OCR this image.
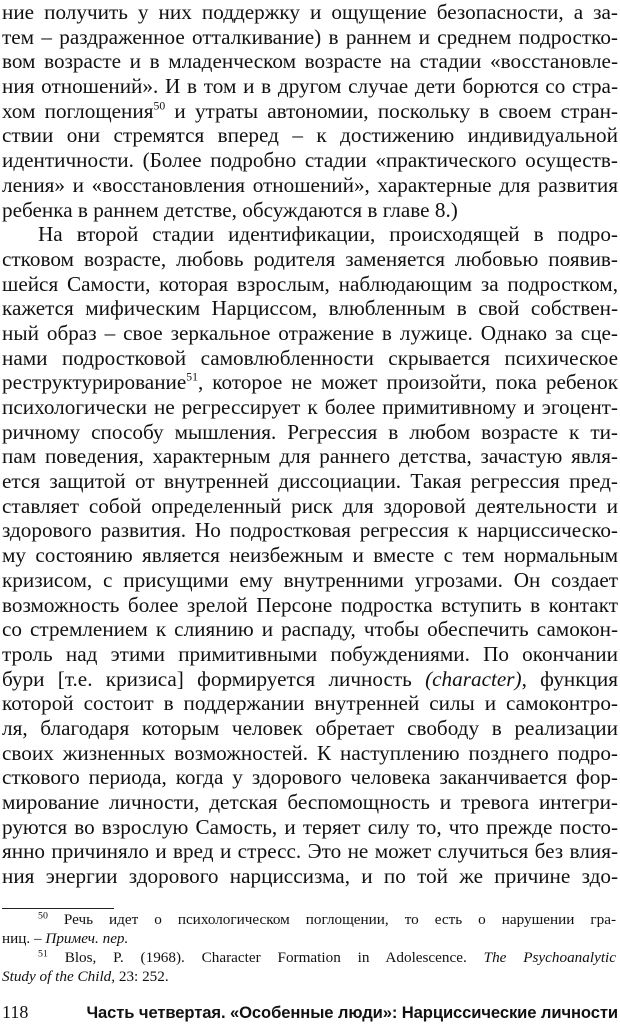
ние получить у них поддержку и ощущение безопасности, а за-
тем – раздраженное отталкивание) в раннем и среднем подростко-
вом возрасте и в младенческом возрасте на стадии «восстановле-
ния отношений». И в том и в другом случае дети борются со стра-
хом поглощения$^{50}$ и утраты автономии, поскольку в своем стран-
ствии они стремятся вперед – к достижению индивидуальной
идентичности. (Более подробно стадии «практического осуществ-
ления» и «восстановления отношений», характерные для развития
ребенка в раннем детстве, обсуждаются в главе 8.)
На второй стадии идентификации, происходящей в подро-
стковом возрасте, любовь родителя заменяется любовью появив-
шейся Самости, которая взрослым, наблюдающим за подростком,
кажется мифическим Нарциссом, влюбленным в свой собствен-
ный образ – свое зеркальное отражение в лужице. Однако за сце-
нами подростковой самовлюбленности скрывается психическое
реструктурирование$^{51}$, которое не может произойти, пока ребенок
психологически не регрессирует к более примитивному и эгоцент-
ричному способу мышления. Регрессия в любом возрасте к ти-
пам поведения, характерным для раннего детства, зачастую явля-
ется защитой от внутренней диссоциации. Такая регрессия пред-
ставляет собой определенный риск для здоровой деятельности и
здорового развития. Но подростковая регрессия к нарциссическо-
му состоянию является неизбежным и вместе с тем нормальным
кризисом, с присущими ему внутренними угрозами. Он создает
возможность более зрелой Персоне подростка вступить в контакт
со стремлением к слиянию и распаду, чтобы обеспечить самокон-
троль над этими примитивными побуждениями. По окончании
бури [т.е. кризиса] формируется личность (character), функция
которой состоит в поддержании внутренней силы и самоконтро-
ля, благодаря которым человек обретает свободу в реализации
своих жизненных возможностей. К наступлению позднего подро-
сткового периода, когда у здорового человека заканчивается фор-
мирование личности, детская беспомощность и тревога интегри-
руются во взрослую Самость, и теряет силу то, что прежде посто-
янно причиняло и вред и стресс. Это не может случиться без влия-
ния энергии здорового нарциссизма, и по той же причине здо-
$^{50}$ Речь идет о психологическом поглощении, то есть о нарушении гра-
ниц. – Примеч. пер.
$^{51}$ Blos, P. (1968). Character Formation in Adolescence. The Psychoanalytic
Study of the Child, 23: 252.
118	Часть четвертая. «Особенные люди»: Нарциссические личности
